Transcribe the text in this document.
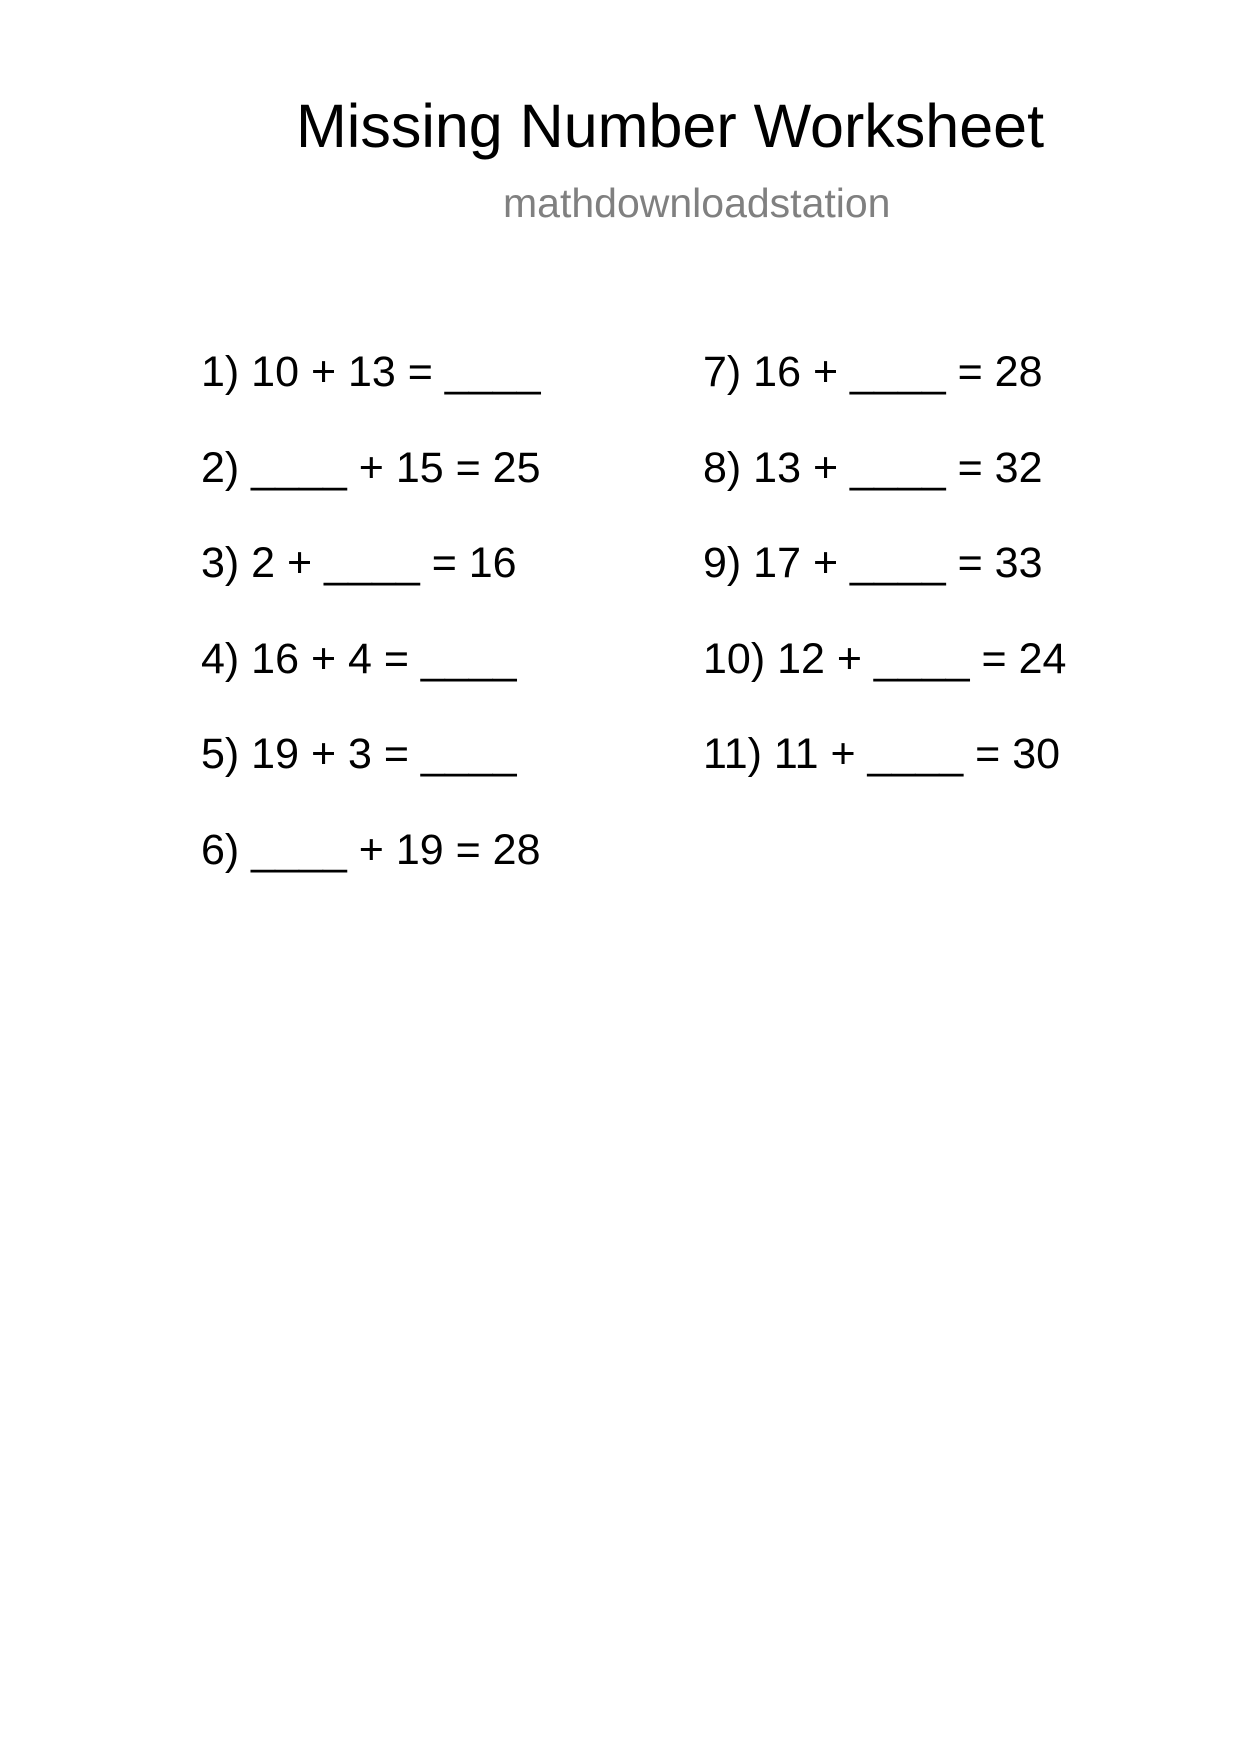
Missing Number Worksheet
mathdownloadstation
1) 10 + 13 = ____
2) ____ + 15 = 25
3) 2 + ____ = 16
4) 16 + 4 = ____
5) 19 + 3 = ____
6) ____ + 19 = 28
7) 16 + ____ = 28
8) 13 + ____ = 32
9) 17 + ____ = 33
10) 12 + ____ = 24
11) 11 + ____ = 30
